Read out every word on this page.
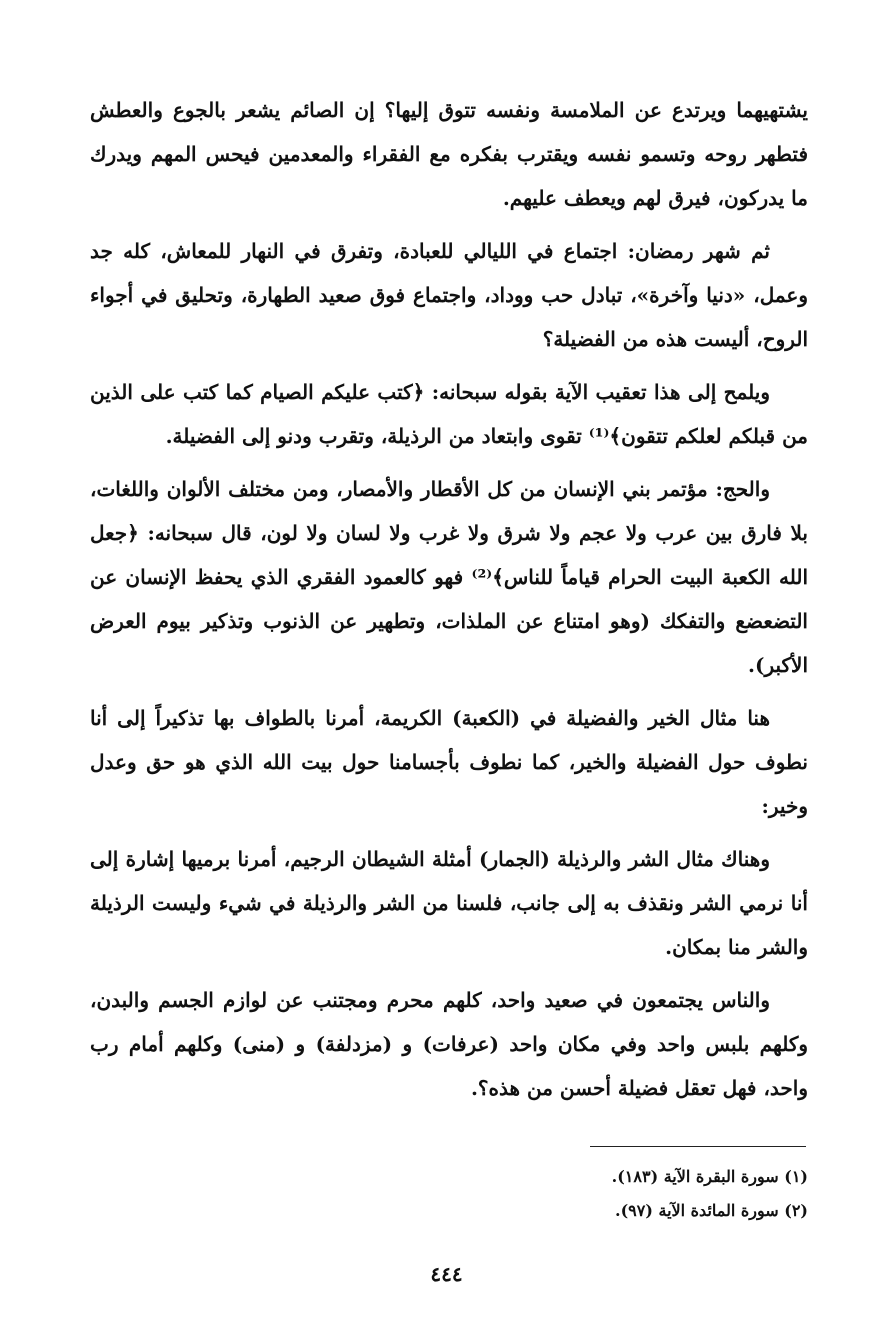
يشتهيهما ويرتدع عن الملامسة ونفسه تتوق إليها؟ إن الصائم يشعر بالجوع والعطش فتطهر روحه وتسمو نفسه ويقترب بفكره مع الفقراء والمعدمين فيحس المهم ويدرك ما يدركون، فيرق لهم ويعطف عليهم.

ثم شهر رمضان: اجتماع في الليالي للعبادة، وتفرق في النهار للمعاش، كله جد وعمل، «دنيا وآخرة»، تبادل حب ووداد، واجتماع فوق صعيد الطهارة، وتحليق في أجواء الروح، أليست هذه من الفضيلة؟

ويلمح إلى هذا تعقيب الآية بقوله سبحانه: ﴿كتب عليكم الصيام كما كتب على الذين من قبلكم لعلكم تتقون﴾⁽¹⁾ تقوى وابتعاد من الرذيلة، وتقرب ودنو إلى الفضيلة.

والحج: مؤتمر بني الإنسان من كل الأقطار والأمصار، ومن مختلف الألوان واللغات، بلا فارق بين عرب ولا عجم ولا شرق ولا غرب ولا لسان ولا لون، قال سبحانه: ﴿جعل الله الكعبة البيت الحرام قياماً للناس﴾⁽²⁾ فهو كالعمود الفقري الذي يحفظ الإنسان عن التضعضع والتفكك (وهو امتناع عن الملذات، وتطهير عن الذنوب وتذكير بيوم العرض الأكبر).

هنا مثال الخير والفضيلة في (الكعبة) الكريمة، أمرنا بالطواف بها تذكيراً إلى أنا نطوف حول الفضيلة والخير، كما نطوف بأجسامنا حول بيت الله الذي هو حق وعدل وخير:

وهناك مثال الشر والرذيلة (الجمار) أمثلة الشيطان الرجيم، أمرنا برميها إشارة إلى أنا نرمي الشر ونقذف به إلى جانب، فلسنا من الشر والرذيلة في شيء وليست الرذيلة والشر منا بمكان.

والناس يجتمعون في صعيد واحد، كلهم محرم ومجتنب عن لوازم الجسم والبدن، وكلهم بلبس واحد وفي مكان واحد (عرفات) و (مزدلفة) و (منى) وكلهم أمام رب واحد، فهل تعقل فضيلة أحسن من هذه؟.

(١) سورة البقرة الآية (١٨٣).

(٢) سورة المائدة الآية (٩٧).

٤٤٤
